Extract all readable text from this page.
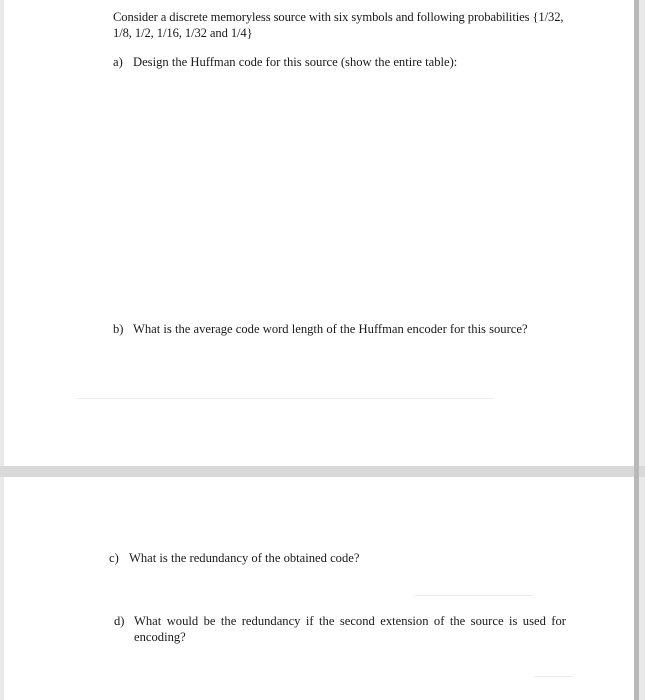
Consider a discrete memoryless source with six symbols and following probabilities {1/32, 1/8, 1/2, 1/16, 1/32 and 1/4}
a) Design the Huffman code for this source (show the entire table):
b) What is the average code word length of the Huffman encoder for this source?
c) What is the redundancy of the obtained code?
d) What would be the redundancy if the second extension of the source is used for encoding?
